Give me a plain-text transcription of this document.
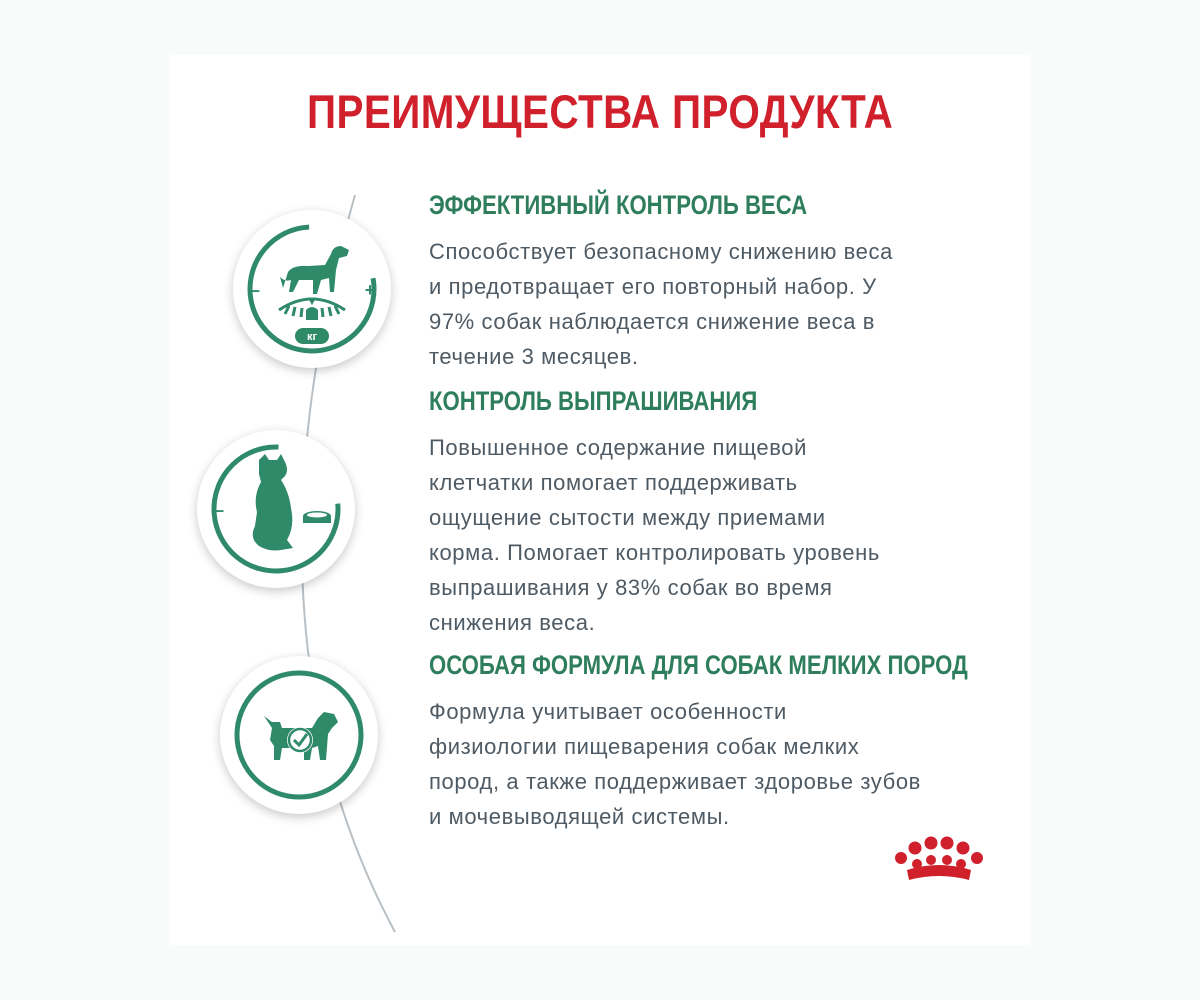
ПРЕИМУЩЕСТВА ПРОДУКТА
кг
–	+
–
ЭФФЕКТИВНЫЙ КОНТРОЛЬ ВЕСА
Способствует безопасному снижению веса
и предотвращает его повторный набор. У
97% собак наблюдается снижение веса в
течение 3 месяцев.
КОНТРОЛЬ ВЫПРАШИВАНИЯ
Повышенное содержание пищевой
клетчатки помогает поддерживать
ощущение сытости между приемами
корма. Помогает контролировать уровень
выпрашивания у 83% собак во время
снижения веса.
ОСОБАЯ ФОРМУЛА ДЛЯ СОБАК МЕЛКИХ ПОРОД
Формула учитывает особенности
физиологии пищеварения собак мелких
пород, а также поддерживает здоровье зубов
и мочевыводящей системы.
